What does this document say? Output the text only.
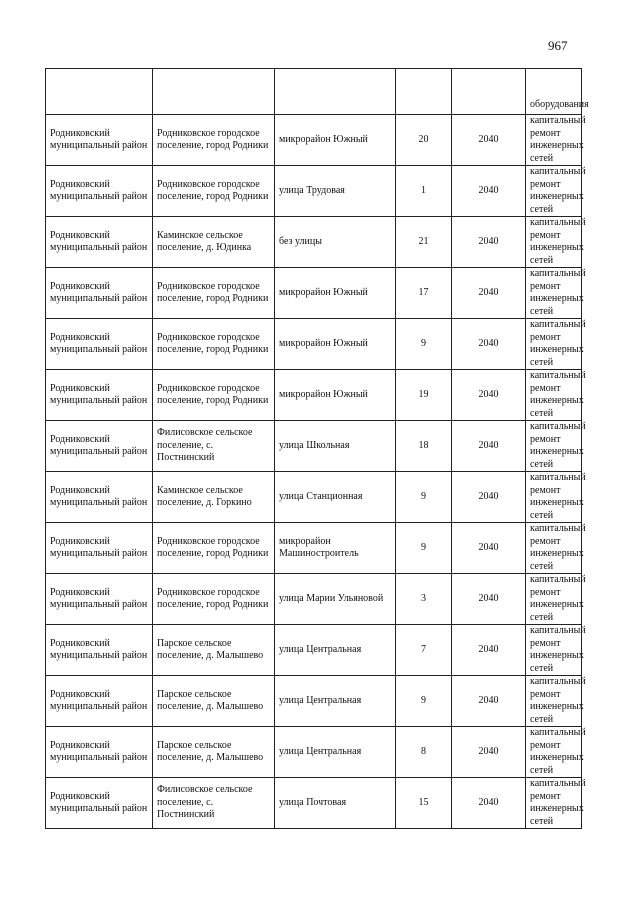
967
					оборудования
Родниковский муниципальный район	Родниковское городское поселение, город Родники	микрорайон Южный	20	2040	капитальный ремонт инженерных сетей
Родниковский муниципальный район	Родниковское городское поселение, город Родники	улица Трудовая	1	2040	капитальный ремонт инженерных сетей
Родниковский муниципальный район	Каминское сельское поселение, д. Юдинка	без улицы	21	2040	капитальный ремонт инженерных сетей
Родниковский муниципальный район	Родниковское городское поселение, город Родники	микрорайон Южный	17	2040	капитальный ремонт инженерных сетей
Родниковский муниципальный район	Родниковское городское поселение, город Родники	микрорайон Южный	9	2040	капитальный ремонт инженерных сетей
Родниковский муниципальный район	Родниковское городское поселение, город Родники	микрорайон Южный	19	2040	капитальный ремонт инженерных сетей
Родниковский муниципальный район	Филисовское сельское поселение, с. Постнинский	улица Школьная	18	2040	капитальный ремонт инженерных сетей
Родниковский муниципальный район	Каминское сельское поселение, д. Горкино	улица Станционная	9	2040	капитальный ремонт инженерных сетей
Родниковский муниципальный район	Родниковское городское поселение, город Родники	микрорайон Машиностроитель	9	2040	капитальный ремонт инженерных сетей
Родниковский муниципальный район	Родниковское городское поселение, город Родники	улица Марии Ульяновой	3	2040	капитальный ремонт инженерных сетей
Родниковский муниципальный район	Парское сельское поселение, д. Малышево	улица Центральная	7	2040	капитальный ремонт инженерных сетей
Родниковский муниципальный район	Парское сельское поселение, д. Малышево	улица Центральная	9	2040	капитальный ремонт инженерных сетей
Родниковский муниципальный район	Парское сельское поселение, д. Малышево	улица Центральная	8	2040	капитальный ремонт инженерных сетей
Родниковский муниципальный район	Филисовское сельское поселение, с. Постнинский	улица Почтовая	15	2040	капитальный ремонт инженерных сетей
